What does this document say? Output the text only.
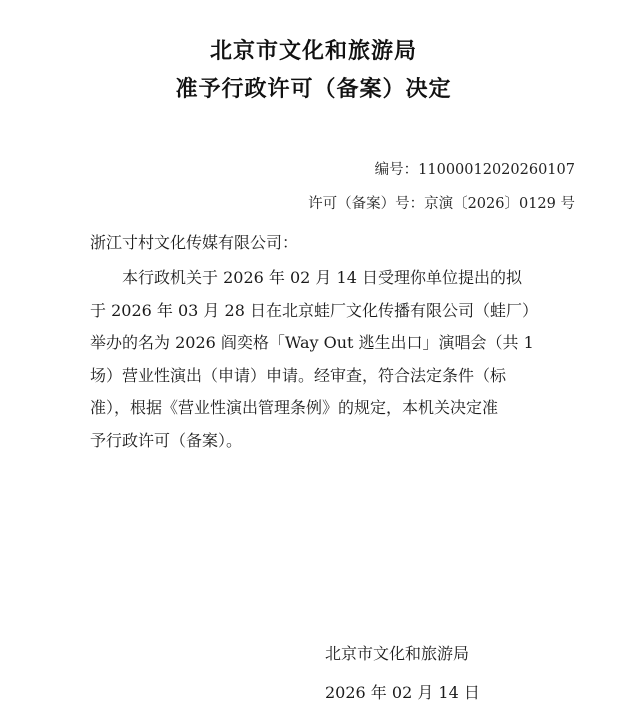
北京市文化和旅游局
准予行政许可（备案）决定
编号：11000012020260107
许可（备案）号：京演〔2026〕0129 号
浙江寸村文化传媒有限公司：
本行政机关于 2026 年 02 月 14 日受理你单位提出的拟
于 2026 年 03 月 28 日在北京蛙厂文化传播有限公司（蛙厂）
举办的名为 2026 阎奕格「Way Out 逃生出口」演唱会（共 1
场）营业性演出（申请）申请。经审查，符合法定条件（标
准），根据《营业性演出管理条例》的规定，本机关决定准
予行政许可（备案）。
北京市文化和旅游局
2026 年 02 月 14 日
